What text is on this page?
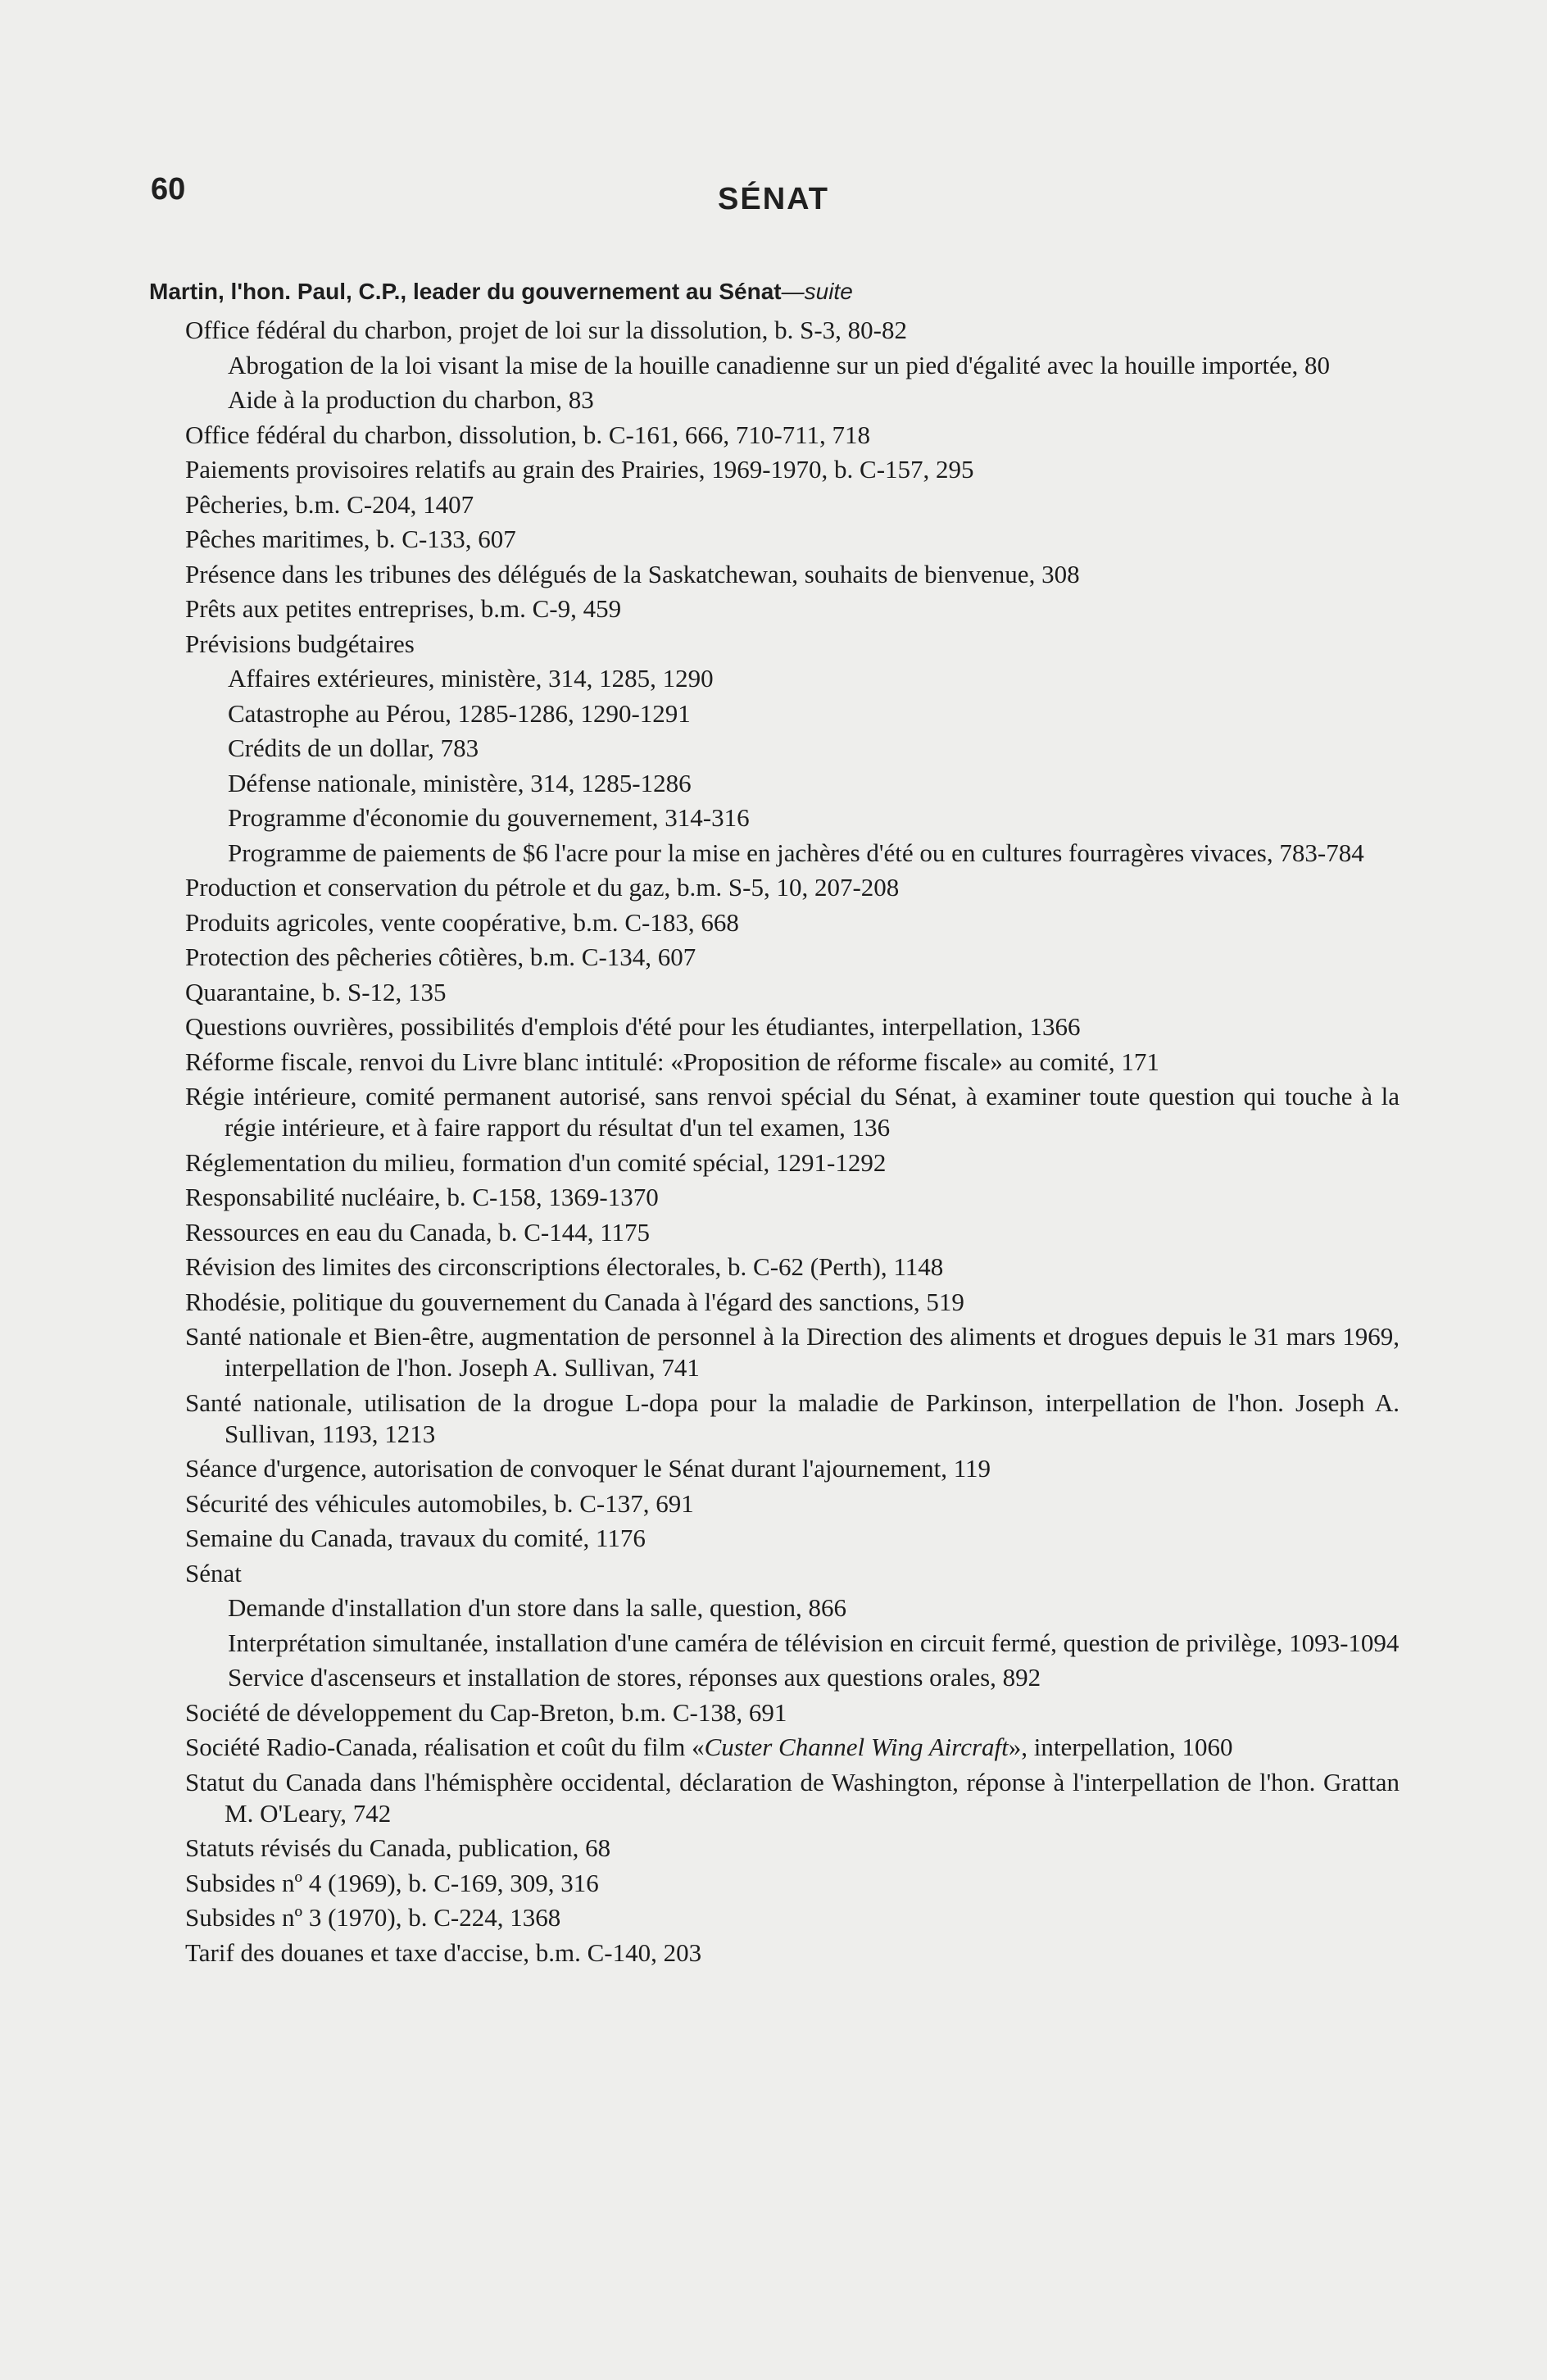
60	SÉNAT
Martin, l'hon. Paul, C.P., leader du gouvernement au Sénat—suite
Office fédéral du charbon, projet de loi sur la dissolution, b. S-3, 80-82
Abrogation de la loi visant la mise de la houille canadienne sur un pied d'égalité avec la houille importée, 80
Aide à la production du charbon, 83
Office fédéral du charbon, dissolution, b. C-161, 666, 710-711, 718
Paiements provisoires relatifs au grain des Prairies, 1969-1970, b. C-157, 295
Pêcheries, b.m. C-204, 1407
Pêches maritimes, b. C-133, 607
Présence dans les tribunes des délégués de la Saskatchewan, souhaits de bienvenue, 308
Prêts aux petites entreprises, b.m. C-9, 459
Prévisions budgétaires
Affaires extérieures, ministère, 314, 1285, 1290
Catastrophe au Pérou, 1285-1286, 1290-1291
Crédits de un dollar, 783
Défense nationale, ministère, 314, 1285-1286
Programme d'économie du gouvernement, 314-316
Programme de paiements de $6 l'acre pour la mise en jachères d'été ou en cultures fourragères vivaces, 783-784
Production et conservation du pétrole et du gaz, b.m. S-5, 10, 207-208
Produits agricoles, vente coopérative, b.m. C-183, 668
Protection des pêcheries côtières, b.m. C-134, 607
Quarantaine, b. S-12, 135
Questions ouvrières, possibilités d'emplois d'été pour les étudiantes, interpellation, 1366
Réforme fiscale, renvoi du Livre blanc intitulé: «Proposition de réforme fiscale» au comité, 171
Régie intérieure, comité permanent autorisé, sans renvoi spécial du Sénat, à examiner toute question qui touche à la régie intérieure, et à faire rapport du résultat d'un tel examen, 136
Réglementation du milieu, formation d'un comité spécial, 1291-1292
Responsabilité nucléaire, b. C-158, 1369-1370
Ressources en eau du Canada, b. C-144, 1175
Révision des limites des circonscriptions électorales, b. C-62 (Perth), 1148
Rhodésie, politique du gouvernement du Canada à l'égard des sanctions, 519
Santé nationale et Bien-être, augmentation de personnel à la Direction des aliments et drogues depuis le 31 mars 1969, interpellation de l'hon. Joseph A. Sullivan, 741
Santé nationale, utilisation de la drogue L-dopa pour la maladie de Parkinson, interpellation de l'hon. Joseph A. Sullivan, 1193, 1213
Séance d'urgence, autorisation de convoquer le Sénat durant l'ajournement, 119
Sécurité des véhicules automobiles, b. C-137, 691
Semaine du Canada, travaux du comité, 1176
Sénat
Demande d'installation d'un store dans la salle, question, 866
Interprétation simultanée, installation d'une caméra de télévision en circuit fermé, question de privilège, 1093-1094
Service d'ascenseurs et installation de stores, réponses aux questions orales, 892
Société de développement du Cap-Breton, b.m. C-138, 691
Société Radio-Canada, réalisation et coût du film «Custer Channel Wing Aircraft», interpellation, 1060
Statut du Canada dans l'hémisphère occidental, déclaration de Washington, réponse à l'interpellation de l'hon. Grattan M. O'Leary, 742
Statuts révisés du Canada, publication, 68
Subsides nº 4 (1969), b. C-169, 309, 316
Subsides nº 3 (1970), b. C-224, 1368
Tarif des douanes et taxe d'accise, b.m. C-140, 203
